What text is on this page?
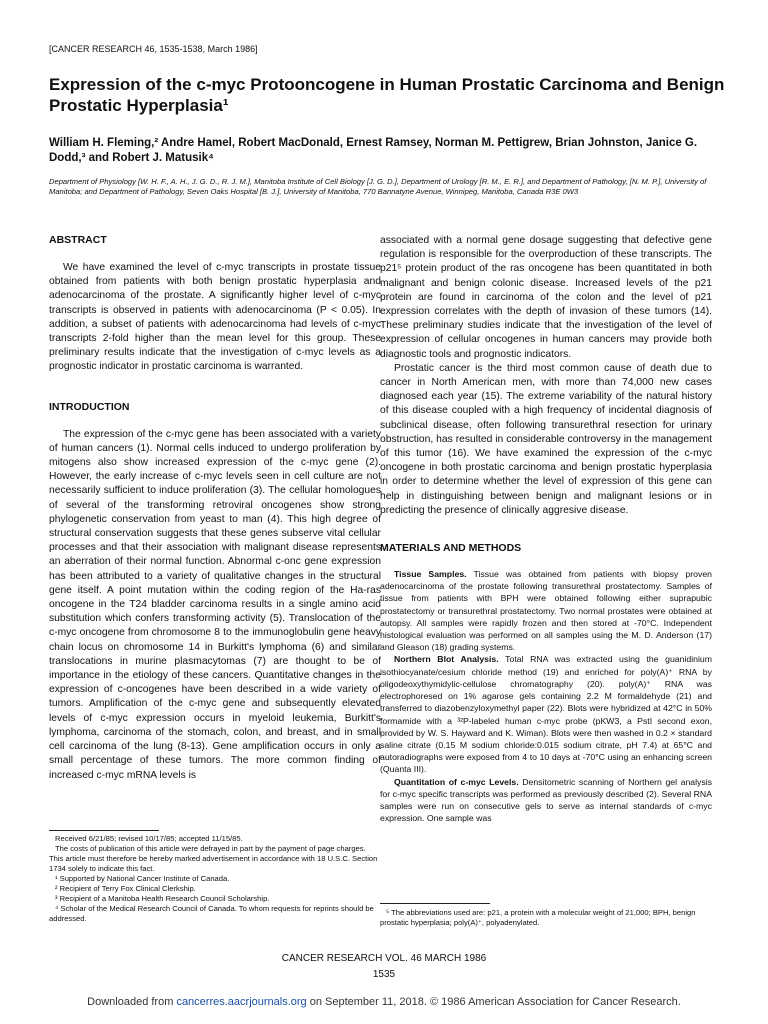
[CANCER RESEARCH 46, 1535-1538, March 1986]
Expression of the c-myc Protooncogene in Human Prostatic Carcinoma and Benign Prostatic Hyperplasia¹
William H. Fleming,² Andre Hamel, Robert MacDonald, Ernest Ramsey, Norman M. Pettigrew, Brian Johnston, Janice G. Dodd,³ and Robert J. Matusik⁴
Department of Physiology [W. H. F., A. H., J. G. D., R. J. M.], Manitoba Institute of Cell Biology [J. G. D.], Department of Urology [R. M., E. R.], and Department of Pathology, [N. M. P.], University of Manitoba; and Department of Pathology, Seven Oaks Hospital [B. J.], University of Manitoba, 770 Bannatyne Avenue, Winnipeg, Manitoba, Canada R3E 0W3

ABSTRACT

We have examined the level of c-myc transcripts in prostate tissue obtained from patients with both benign prostatic hyperplasia and adenocarcinoma of the prostate. A significantly higher level of c-myc transcripts is observed in patients with adenocarcinoma (P < 0.05). In addition, a subset of patients with adenocarcinoma had levels of c-myc transcripts 2-fold higher than the mean level for this group. These preliminary results indicate that the investigation of c-myc levels as a prognostic indicator in prostatic carcinoma is warranted.

INTRODUCTION

The expression of the c-myc gene has been associated with a variety of human cancers (1). Normal cells induced to undergo proliferation by mitogens also show increased expression of the c-myc gene (2). However, the early increase of c-myc levels seen in cell culture are not necessarily sufficient to induce proliferation (3). The cellular homologues of several of the transforming retroviral oncogenes show strong phylogenetic conservation from yeast to man (4). This high degree of structural conservation suggests that these genes subserve vital cellular processes and that their association with malignant disease represents an aberration of their normal function. Abnormal c-onc gene expression has been attributed to a variety of qualitative changes in the structural gene itself. A point mutation within the coding region of the Ha-ras oncogene in the T24 bladder carcinoma results in a single amino acid substitution which confers transforming activity (5). Translocation of the c-myc oncogene from chromosome 8 to the immunoglobulin gene heavy chain locus on chromosome 14 in Burkitt's lymphoma (6) and similar translocations in murine plasmacytomas (7) are thought to be of importance in the etiology of these cancers. Quantitative changes in the expression of c-oncogenes have been described in a wide variety of tumors. Amplification of the c-myc gene and subsequently elevated levels of c-myc expression occurs in myeloid leukemia, Burkitt's lymphoma, carcinoma of the stomach, colon, and breast, and in small cell carcinoma of the lung (8-13). Gene amplification occurs in only a small percentage of these tumors. The more common finding of increased c-myc mRNA levels is

associated with a normal gene dosage suggesting that defective gene regulation is responsible for the overproduction of these transcripts. The p21⁵ protein product of the ras oncogene has been quantitated in both malignant and benign colonic disease. Increased levels of the p21 protein are found in carcinoma of the colon and the level of p21 expression correlates with the depth of invasion of these tumors (14). These preliminary studies indicate that the investigation of the level of expression of cellular oncogenes in human cancers may provide both diagnostic tools and prognostic indicators.

Prostatic cancer is the third most common cause of death due to cancer in North American men, with more than 74,000 new cases diagnosed each year (15). The extreme variability of the natural history of this disease coupled with a high frequency of incidental diagnosis of subclinical disease, often following transurethral resection for urinary obstruction, has resulted in considerable controversy in the management of this tumor (16). We have examined the expression of the c-myc oncogene in both prostatic carcinoma and benign prostatic hyperplasia in order to determine whether the level of expression of this gene can help in distinguishing between benign and malignant lesions or in predicting the presence of clinically aggresive disease.

MATERIALS AND METHODS

Tissue Samples. Tissue was obtained from patients with biopsy proven adenocarcinoma of the prostate following transurethral prostatectomy. Samples of tissue from patients with BPH were obtained following either suprapubic prostatectomy or transurethral prostatectomy. Two normal prostates were obtained at autopsy. All samples were rapidly frozen and then stored at -70°C. Independent histological evaluation was performed on all samples using the M. D. Anderson (17) and Gleason (18) grading systems.

Northern Blot Analysis. Total RNA was extracted using the guanidinium isothiocyanate/cesium chloride method (19) and enriched for poly(A)⁺ RNA by oligodeoxythymidylic-cellulose chromatography (20). poly(A)⁺ RNA was electrophoresed on 1% agarose gels containing 2.2 M formaldehyde (21) and transferred to diazobenzyloxymethyl paper (22). Blots were hybridized at 42°C in 50% formamide with a ³²P-labeled human c-myc probe (pKW3, a PstI second exon, provided by W. S. Hayward and K. Wiman). Blots were then washed in 0.2 × standard saline citrate (0.15 M sodium chloride:0.015 sodium citrate, pH 7.4) at 65°C and autoradiographs were exposed from 4 to 10 days at -70°C using an enhancing screen (Quanta III).

Quantitation of c-myc Levels. Densitometric scanning of Northern gel analysis for c-myc specific transcripts was performed as previously described (2). Several RNA samples were run on consecutive gels to serve as internal standards of c-myc expression. One sample was

Received 6/21/85; revised 10/17/85; accepted 11/15/85.

The costs of publication of this article were defrayed in part by the payment of page charges. This article must therefore be hereby marked advertisement in accordance with 18 U.S.C. Section 1734 solely to indicate this fact.

¹ Supported by National Cancer Institute of Canada.

² Recipient of Terry Fox Clinical Clerkship.

³ Recipient of a Manitoba Health Research Council Scholarship.

⁴ Scholar of the Medical Research Council of Canada. To whom requests for reprints should be addressed.

⁵ The abbreviations used are: p21, a protein with a molecular weight of 21,000; BPH, benign prostatic hyperplasia; poly(A)⁺, polyadenylated.

CANCER RESEARCH VOL. 46 MARCH 1986
1535
Downloaded from cancerres.aacrjournals.org on September 11, 2018. © 1986 American Association for Cancer Research.
